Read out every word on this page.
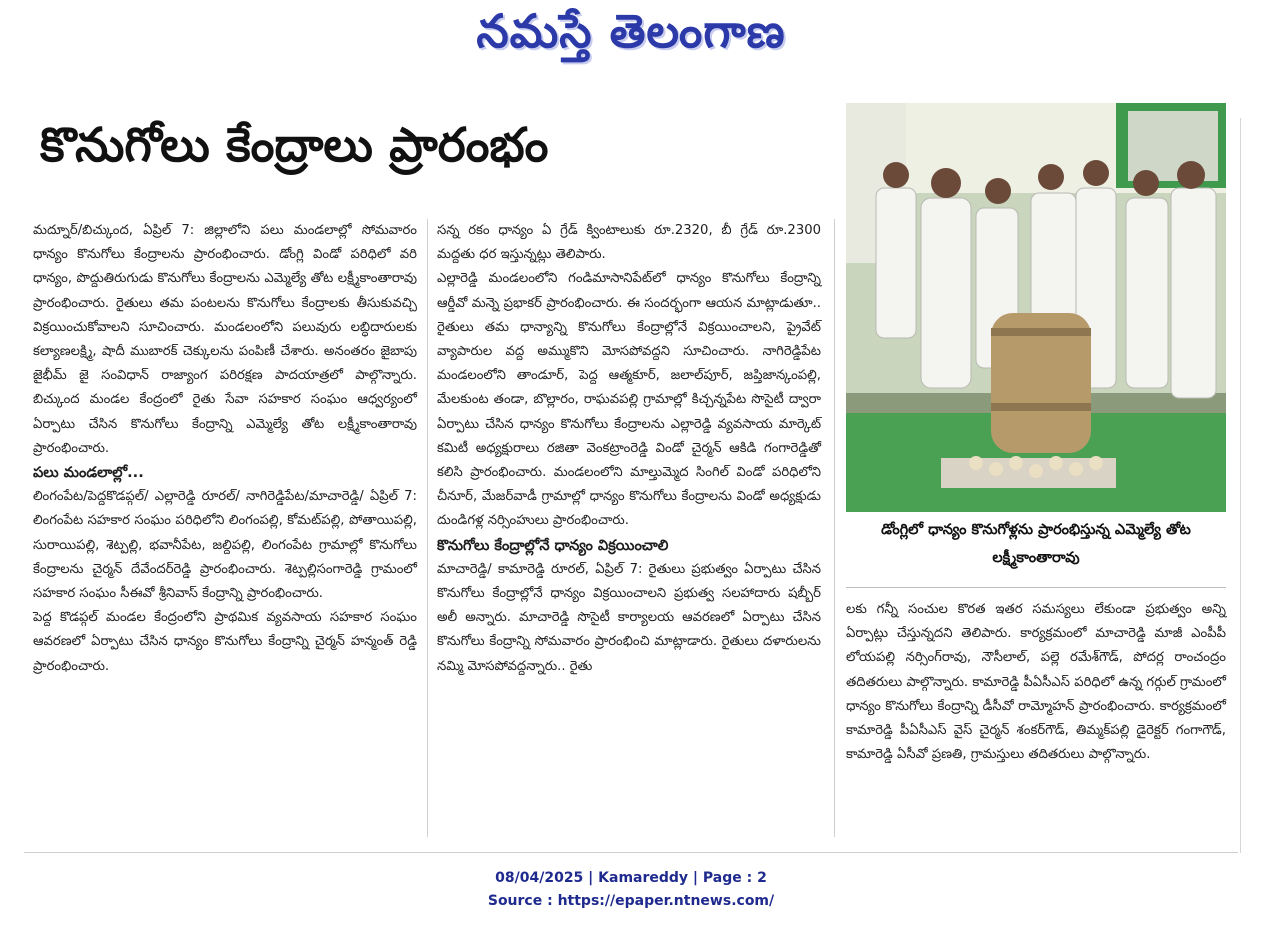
నమస్తే తెలంగాణ
కొనుగోలు కేంద్రాలు ప్రారంభం

మద్నూర్/బిచ్కుంద, ఏప్రిల్ 7: జిల్లాలోని పలు మండలాల్లో సోమవారం ధాన్యం కొనుగోలు కేంద్రాలను ప్రారంభించారు. డోంగ్లి విండో పరిధిలో వరి ధాన్యం, పొద్దుతిరుగుడు కొనుగోలు కేంద్రాలను ఎమ్మెల్యే తోట లక్ష్మీకాంతారావు ప్రారంభించారు. రైతులు తమ పంటలను కొనుగోలు కేంద్రాలకు తీసుకువచ్చి విక్రయించుకోవాలని సూచించారు. మండలంలోని పలువురు లబ్ధిదారులకు కల్యాణలక్ష్మి, షాదీ ముబారక్ చెక్కులను పంపిణీ చేశారు. అనంతరం జైబాపు జైభీమ్ జై సంవిధాన్ రాజ్యాంగ పరిరక్షణ పాదయాత్రలో పాల్గొన్నారు. బిచ్కుంద మండల కేంద్రంలో రైతు సేవా సహకార సంఘం ఆధ్వర్యంలో ఏర్పాటు చేసిన కొనుగోలు కేంద్రాన్ని ఎమ్మెల్యే తోట లక్ష్మీకాంతారావు ప్రారంభించారు.

పలు మండలాల్లో...

లింగంపేట/పెద్దకొడప్గల్/ ఎల్లారెడ్డి రూరల్/ నాగిరెడ్డిపేట/మాచారెడ్డి/ ఏప్రిల్ 7: లింగంపేట సహకార సంఘం పరిధిలోని లింగంపల్లి, కోమట్‌పల్లి, పోతాయిపల్లి, సురాయిపల్లి, శెట్పల్లి, భవానీపేట, జల్దిపల్లి, లింగంపేట గ్రామాల్లో కొనుగోలు కేంద్రాలను చైర్మన్ దేవేందర్‌రెడ్డి ప్రారంభించారు. శెట్పల్లిసంగారెడ్డి గ్రామంలో సహకార సంఘం సీఈవో శ్రీనివాస్ కేంద్రాన్ని ప్రారంభించారు.

పెద్ద కొడప్గల్ మండల కేంద్రంలోని ప్రాథమిక వ్యవసాయ సహకార సంఘం ఆవరణలో ఏర్పాటు చేసిన ధాన్యం కొనుగోలు కేంద్రాన్ని చైర్మన్ హన్మంత్ రెడ్డి ప్రారంభించారు.

సన్న రకం ధాన్యం ఏ గ్రేడ్ క్వింటాలుకు రూ.2320, బీ గ్రేడ్ రూ.2300 మద్దతు ధర ఇస్తున్నట్లు తెలిపారు.

ఎల్లారెడ్డి మండలంలోని గండిమాసానిపేట్‌లో ధాన్యం కొనుగోలు కేంద్రాన్ని ఆర్డీవో మన్నె ప్రభాకర్ ప్రారంభించారు. ఈ సందర్భంగా ఆయన మాట్లాడుతూ.. రైతులు తమ ధాన్యాన్ని కొనుగోలు కేంద్రాల్లోనే విక్రయించాలని, ప్రైవేట్ వ్యాపారుల వద్ద అమ్ముకొని మోసపోవద్దని సూచించారు. నాగిరెడ్డిపేట మండలంలోని తాండూర్, పెద్ద ఆత్మకూర్, జలాల్‌పూర్, జప్తిజాన్కంపల్లి, మేలకుంట తండా, బొల్లారం, రాఘవపల్లి గ్రామాల్లో కిచ్చన్నపేట సొసైటీ ద్వారా ఏర్పాటు చేసిన ధాన్యం కొనుగోలు కేంద్రాలను ఎల్లారెడ్డి వ్యవసాయ మార్కెట్ కమిటీ అధ్యక్షురాలు రజితా వెంకట్రాంరెడ్డి విండో చైర్మన్ ఆకిడి గంగారెడ్డితో కలిసి ప్రారంభించారు. మండలంలోని మాల్తుమ్మెద సింగిల్ విండో పరిధిలోని చీనూర్, మేజర్‌వాడీ గ్రామాల్లో ధాన్యం కొనుగోలు కేంద్రాలను విండో అధ్యక్షుడు దుండిగళ్ల నర్సింహులు ప్రారంభించారు.

కొనుగోలు కేంద్రాల్లోనే ధాన్యం విక్రయించాలి

మాచారెడ్డి/ కామారెడ్డి రూరల్, ఏప్రిల్ 7: రైతులు ప్రభుత్వం ఏర్పాటు చేసిన కొనుగోలు కేంద్రాల్లోనే ధాన్యం విక్రయించాలని ప్రభుత్వ సలహాదారు షబ్బీర్ అలీ అన్నారు. మాచారెడ్డి సొసైటీ కార్యాలయ ఆవరణలో ఏర్పాటు చేసిన కొనుగోలు కేంద్రాన్ని సోమవారం ప్రారంభించి మాట్లాడారు. రైతులు దళారులను నమ్మి మోసపోవద్దన్నారు.. రైతు

డోంగ్లిలో ధాన్యం కొనుగోళ్లను ప్రారంభిస్తున్న ఎమ్మెల్యే తోట లక్ష్మీకాంతారావు

లకు గన్నీ సంచుల కొరత ఇతర సమస్యలు లేకుండా ప్రభుత్వం అన్ని ఏర్పాట్లు చేస్తున్నదని తెలిపారు. కార్యక్రమంలో మాచారెడ్డి మాజీ ఎంపీపీ లోయపల్లి నర్సింగ్‌రావు, నౌసీలాల్, పల్లె రమేశ్‌గౌడ్, పోదర్ల రాంచంద్రం తదితరులు పాల్గొన్నారు. కామారెడ్డి పీఏసీఎస్ పరిధిలో ఉన్న గర్గుల్ గ్రామంలో ధాన్యం కొనుగోలు కేంద్రాన్ని డీసీవో రామ్మోహన్ ప్రారంభించారు. కార్యక్రమంలో కామారెడ్డి పీఏసీఎస్ వైస్ చైర్మన్ శంకర్‌గౌడ్, తిమ్మక్‌పల్లి డైరెక్టర్ గంగాగౌడ్, కామారెడ్డి ఏసీవో ప్రణతి, గ్రామస్తులు తదితరులు పాల్గొన్నారు.

08/04/2025 | Kamareddy | Page : 2
Source : https://epaper.ntnews.com/
